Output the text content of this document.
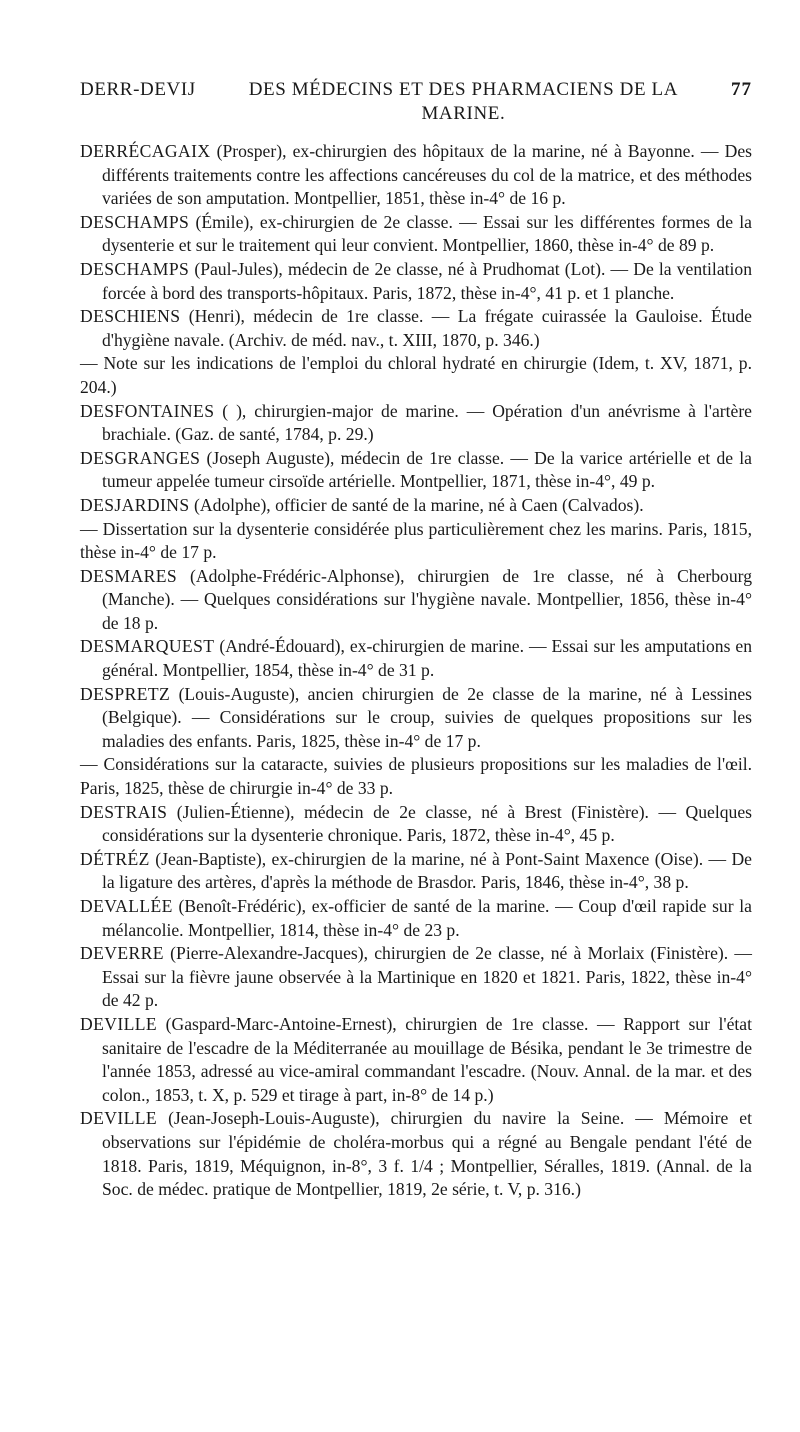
DERR-DEVIJ	DES MÉDECINS ET DES PHARMACIENS DE LA MARINE.
77

DERRÉCAGAIX (Prosper), ex-chirurgien des hôpitaux de la marine, né à Bayonne. — Des différents traitements contre les affections cancéreuses du col de la matrice, et des méthodes variées de son amputation. Montpellier, 1851, thèse in-4° de 16 p.

DESCHAMPS (Émile), ex-chirurgien de 2e classe. — Essai sur les différentes formes de la dysenterie et sur le traitement qui leur convient. Montpellier, 1860, thèse in-4° de 89 p.

DESCHAMPS (Paul-Jules), médecin de 2e classe, né à Prudhomat (Lot). — De la ventilation forcée à bord des transports-hôpitaux. Paris, 1872, thèse in-4°, 41 p. et 1 planche.

DESCHIENS (Henri), médecin de 1re classe. — La frégate cuirassée la Gauloise. Étude d'hygiène navale. (Archiv. de méd. nav., t. XIII, 1870, p. 346.)

— Note sur les indications de l'emploi du chloral hydraté en chirurgie (Idem, t. XV, 1871, p. 204.)

DESFONTAINES ( ), chirurgien-major de marine. — Opération d'un anévrisme à l'artère brachiale. (Gaz. de santé, 1784, p. 29.)

DESGRANGES (Joseph Auguste), médecin de 1re classe. — De la varice artérielle et de la tumeur appelée tumeur cirsoïde artérielle. Montpellier, 1871, thèse in-4°, 49 p.

DESJARDINS (Adolphe), officier de santé de la marine, né à Caen (Calvados).

— Dissertation sur la dysenterie considérée plus particulièrement chez les marins. Paris, 1815, thèse in-4° de 17 p.

DESMARES (Adolphe-Frédéric-Alphonse), chirurgien de 1re classe, né à Cherbourg (Manche). — Quelques considérations sur l'hygiène navale. Montpellier, 1856, thèse in-4° de 18 p.

DESMARQUEST (André-Édouard), ex-chirurgien de marine. — Essai sur les amputations en général. Montpellier, 1854, thèse in-4° de 31 p.

DESPRETZ (Louis-Auguste), ancien chirurgien de 2e classe de la marine, né à Lessines (Belgique). — Considérations sur le croup, suivies de quelques propositions sur les maladies des enfants. Paris, 1825, thèse in-4° de 17 p.

— Considérations sur la cataracte, suivies de plusieurs propositions sur les maladies de l'œil. Paris, 1825, thèse de chirurgie in-4° de 33 p.

DESTRAIS (Julien-Étienne), médecin de 2e classe, né à Brest (Finistère). — Quelques considérations sur la dysenterie chronique. Paris, 1872, thèse in-4°, 45 p.

DÉTRÉZ (Jean-Baptiste), ex-chirurgien de la marine, né à Pont-Saint Maxence (Oise). — De la ligature des artères, d'après la méthode de Brasdor. Paris, 1846, thèse in-4°, 38 p.

DEVALLÉE (Benoît-Frédéric), ex-officier de santé de la marine. — Coup d'œil rapide sur la mélancolie. Montpellier, 1814, thèse in-4° de 23 p.

DEVERRE (Pierre-Alexandre-Jacques), chirurgien de 2e classe, né à Morlaix (Finistère). — Essai sur la fièvre jaune observée à la Martinique en 1820 et 1821. Paris, 1822, thèse in-4° de 42 p.

DEVILLE (Gaspard-Marc-Antoine-Ernest), chirurgien de 1re classe. — Rapport sur l'état sanitaire de l'escadre de la Méditerranée au mouillage de Bésika, pendant le 3e trimestre de l'année 1853, adressé au vice-amiral commandant l'escadre. (Nouv. Annal. de la mar. et des colon., 1853, t. X, p. 529 et tirage à part, in-8° de 14 p.)

DEVILLE (Jean-Joseph-Louis-Auguste), chirurgien du navire la Seine. — Mémoire et observations sur l'épidémie de choléra-morbus qui a régné au Bengale pendant l'été de 1818. Paris, 1819, Méquignon, in-8°, 3 f. 1/4 ; Montpellier, Séralles, 1819. (Annal. de la Soc. de médec. pratique de Montpellier, 1819, 2e série, t. V, p. 316.)
